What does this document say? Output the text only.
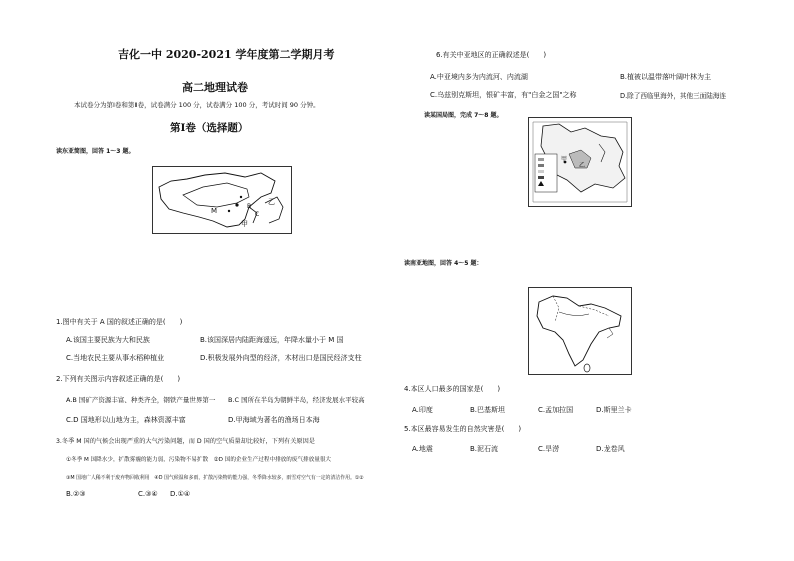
吉化一中 2020-2021 学年度第二学期月考
高二地理试卷
本试卷分为第Ⅰ卷和第Ⅱ卷，试卷满分 100 分，试卷满分 100 分，考试时间 90 分钟。
第Ⅰ卷（选择题）
读东亚简图，回答 1～3 题。
M
乙
甲
B
C
1.图中有关于 A 国的叙述正确的是(　　)
A.该国主要民族为大和民族	B.该国深居内陆距海遥远，年降水量小于 M 国
C.当地农民主要从事水稻种植业	D.积极发展外向型的经济，木材出口是国民经济支柱
2.下列有关图示内容叙述正确的是(　　)
A.B 国矿产资源丰富、种类齐全，钢铁产量世界第一 B.C 国所在半岛为朝鲜半岛，经济发展水平较高
C.D 国地形以山地为主，森林资源丰富	D.甲海域为著名的渔场日本海
3.冬季 M 国的气候会出现严重的大气污染问题，而 D 国的空气质量却比较好，下列有关原因是
①冬季 M 国降水少，扩散雾霾的能力弱，污染物不易扩散　②D 国的企业生产过程中排放的废气排放量很大
③M 国地广人稀不利于废弃物回收利用　④D 国气候温和多雨，扩散污染物的能力强，冬季降水较多，雨雪对空气有一定的清洁作用。①②
B.②③	C.③④ D.①④
6.有关中亚地区的正确叙述是(　　)
A.中亚境内多为内流河、内流湖	B.植被以温带落叶阔叶林为主
C.乌兹别克斯坦，银矿丰富，有"白金之国"之称	D.除了西临里海外，其他三面陆海连
读某国局图，完成 7～8 题。
甲
乙
读南亚地图，回答 4～5 题：
4.本区人口最多的国家是(　　)
A.印度	B.巴基斯坦	C.孟加拉国	D.斯里兰卡
5.本区最容易发生的自然灾害是(　　)
A.地震	B.泥石流	C.旱涝	D.龙卷风
